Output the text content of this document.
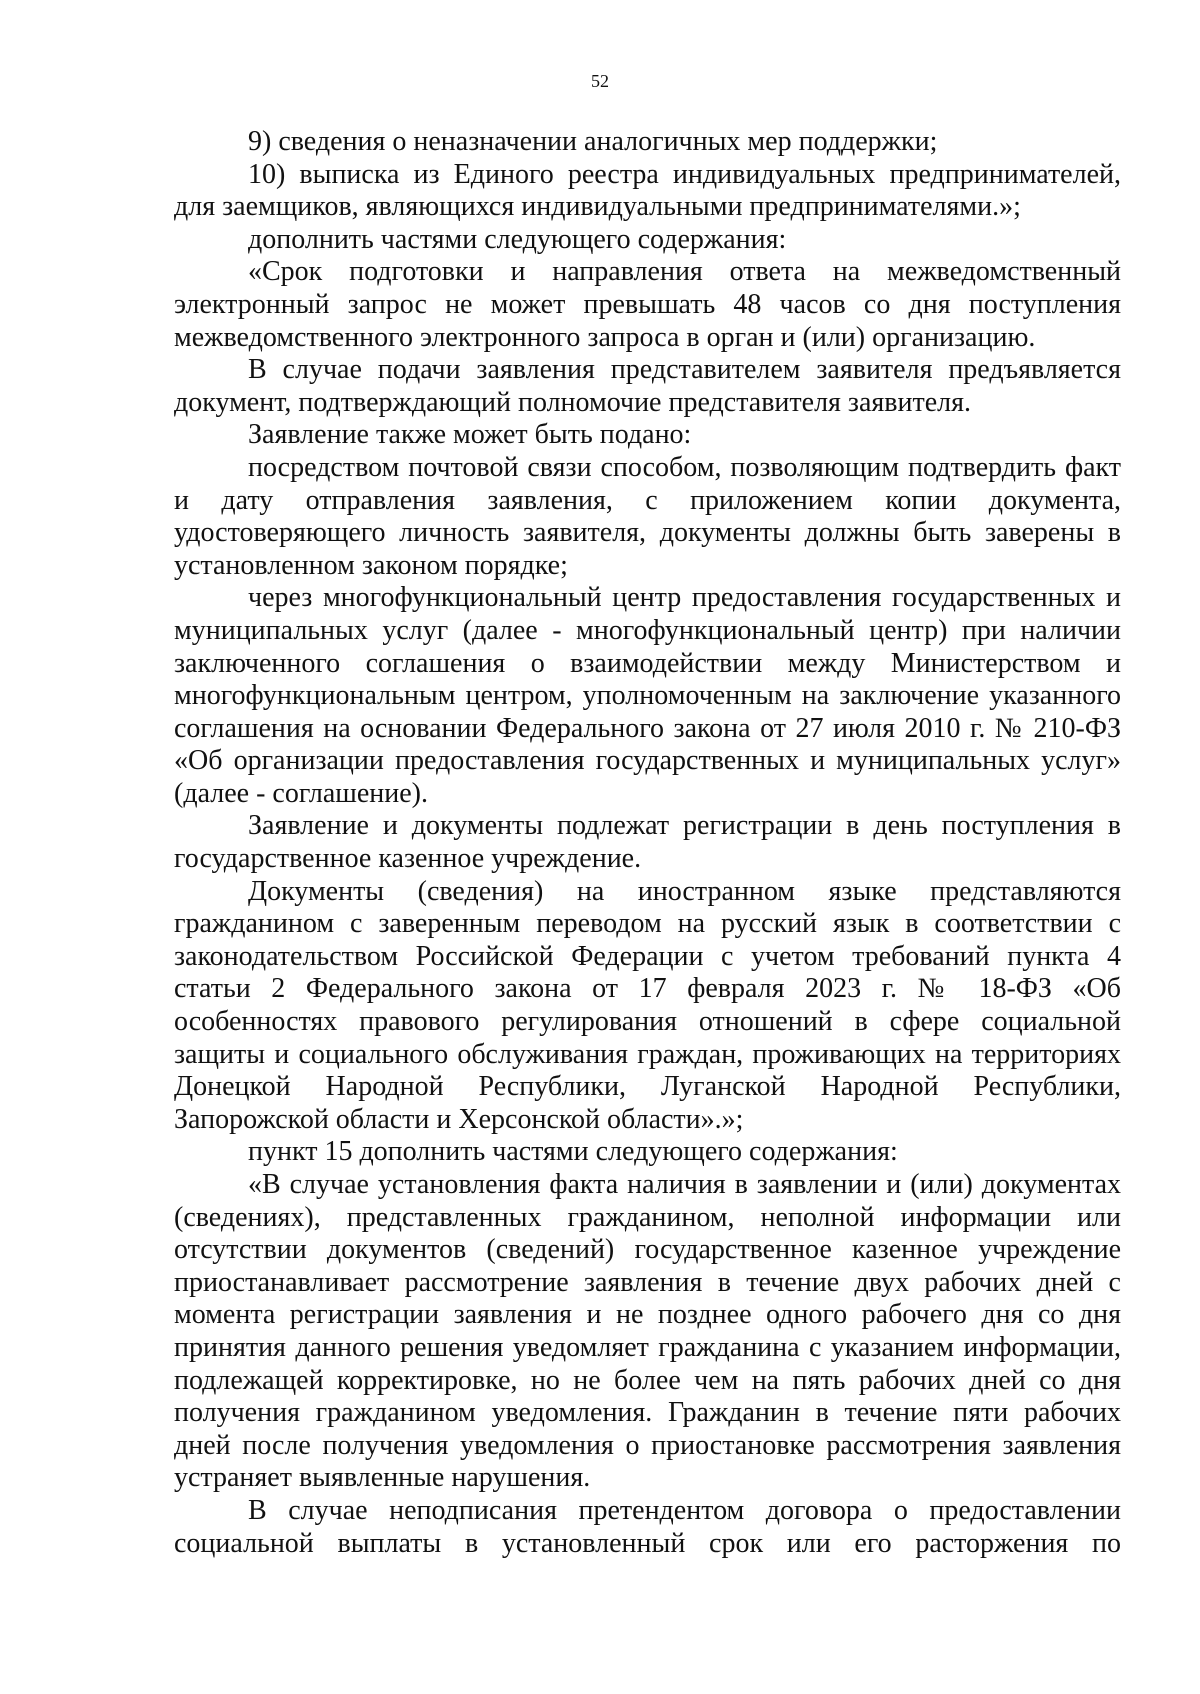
52

9) сведения о неназначении аналогичных мер поддержки;

10) выписка из Единого реестра индивидуальных предпринимателей, для заемщиков, являющихся индивидуальными предпринимателями.»;

дополнить частями следующего содержания:

«Срок подготовки и направления ответа на межведомственный электронный запрос не может превышать 48 часов со дня поступления межведомственного электронного запроса в орган и (или) организацию.

В случае подачи заявления представителем заявителя предъявляется документ, подтверждающий полномочие представителя заявителя.

Заявление также может быть подано:

посредством почтовой связи способом, позволяющим подтвердить факт и дату отправления заявления, с приложением копии документа, удостоверяющего личность заявителя, документы должны быть заверены в установленном законом порядке;

через многофункциональный центр предоставления государственных и муниципальных услуг (далее - многофункциональный центр) при наличии заключенного соглашения о взаимодействии между Министерством и многофункциональным центром, уполномоченным на заключение указанного соглашения на основании Федерального закона от 27 июля 2010 г. № 210-ФЗ «Об организации предоставления государственных и муниципальных услуг» (далее - соглашение).

Заявление и документы подлежат регистрации в день поступления в государственное казенное учреждение.

Документы (сведения) на иностранном языке представляются гражданином с заверенным переводом на русский язык в соответствии с законодательством Российской Федерации с учетом требований пункта 4 статьи 2 Федерального закона от 17 февраля 2023 г. № 18-ФЗ «Об особенностях правового регулирования отношений в сфере социальной защиты и социального обслуживания граждан, проживающих на территориях Донецкой Народной Республики, Луганской Народной Республики, Запорожской области и Херсонской области».»;

пункт 15 дополнить частями следующего содержания:

«В случае установления факта наличия в заявлении и (или) документах (сведениях), представленных гражданином, неполной информации или отсутствии документов (сведений) государственное казенное учреждение приостанавливает рассмотрение заявления в течение двух рабочих дней с момента регистрации заявления и не позднее одного рабочего дня со дня принятия данного решения уведомляет гражданина с указанием информации, подлежащей корректировке, но не более чем на пять рабочих дней со дня получения гражданином уведомления. Гражданин в течение пяти рабочих дней после получения уведомления о приостановке рассмотрения заявления устраняет выявленные нарушения.

В случае неподписания претендентом договора о предоставлении социальной выплаты в установленный срок или его расторжения по
